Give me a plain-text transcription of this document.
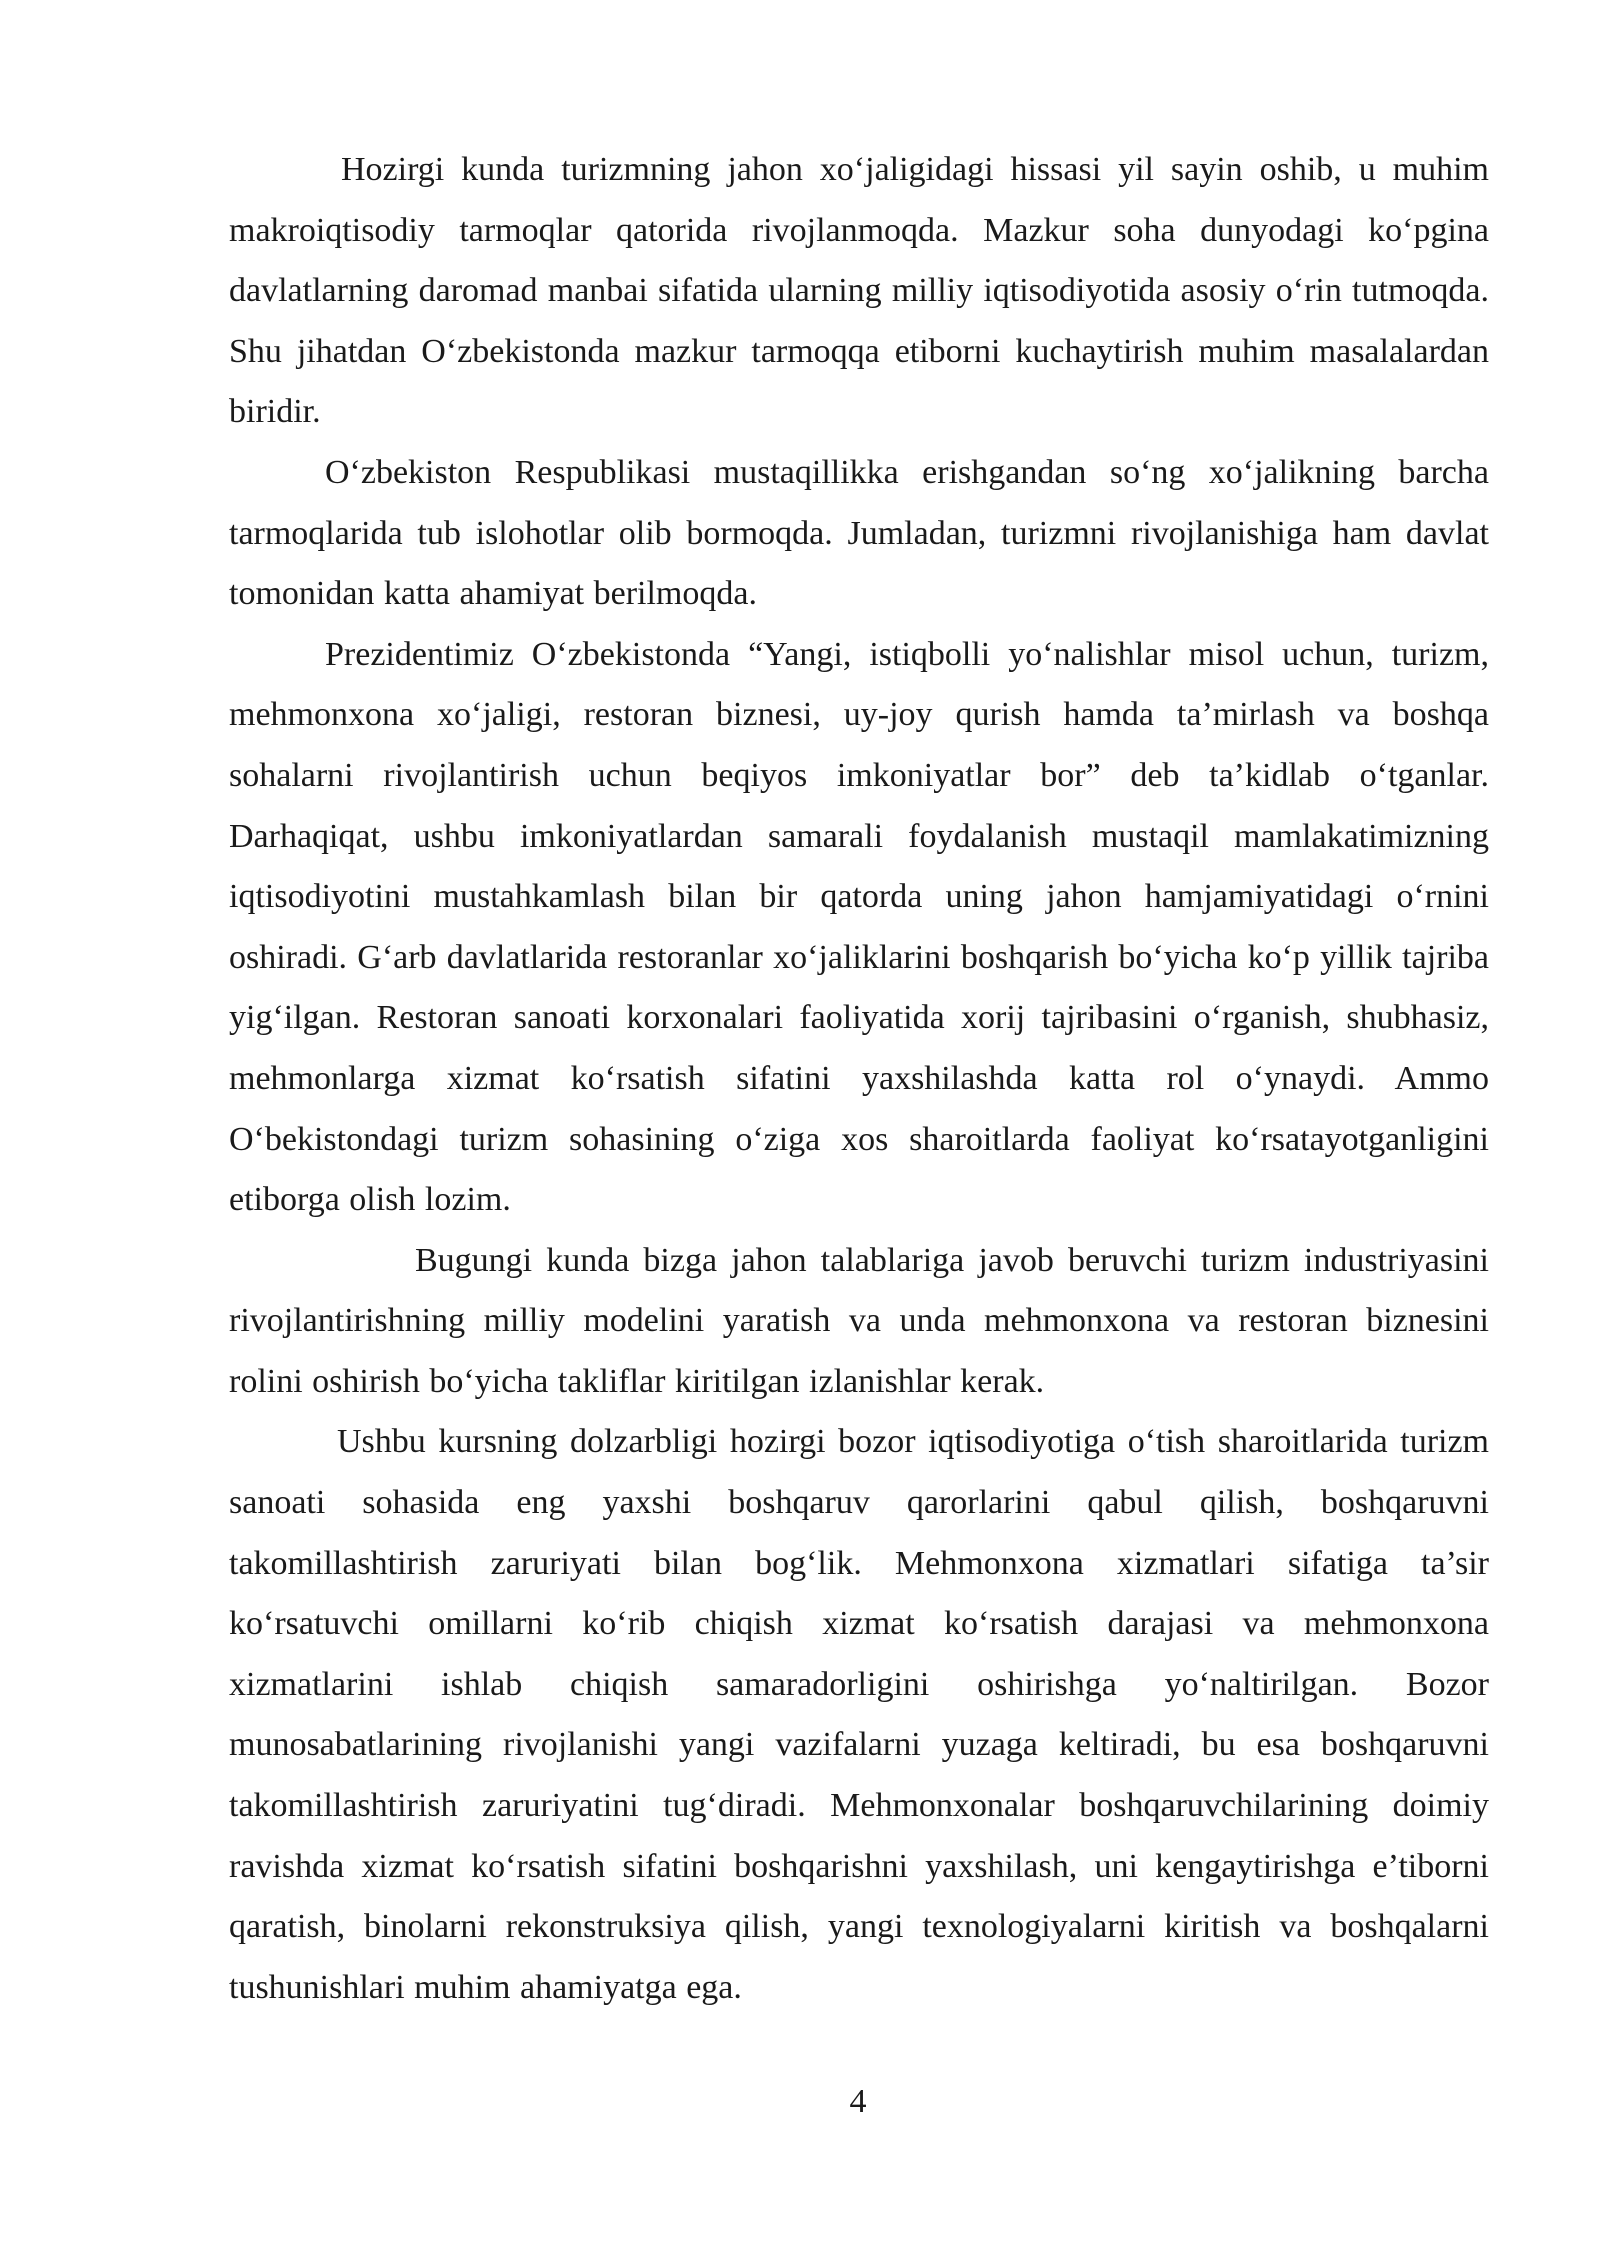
Hozirgi kunda turizmning jahon xo‘jaligidagi hissasi yil sayin oshib, u muhim makroiqtisodiy tarmoqlar qatorida rivojlanmoqda. Mazkur soha dunyodagi ko‘pgina davlatlarning daromad manbai sifatida ularning milliy iqtisodiyotida asosiy o‘rin tutmoqda. Shu jihatdan O‘zbekistonda mazkur tarmoqqa etiborni kuchaytirish muhim masalalardan biridir.

O‘zbekiston Respublikasi mustaqillikka erishgandan so‘ng xo‘jalikning barcha tarmoqlarida tub islohotlar olib bormoqda. Jumladan, turizmni rivojlanishiga ham davlat tomonidan katta ahamiyat berilmoqda.

Prezidentimiz O‘zbekistonda “Yangi, istiqbolli yo‘nalishlar misol uchun, turizm, mehmonxona xo‘jaligi, restoran biznesi, uy-joy qurish hamda ta’mirlash va boshqa sohalarni rivojlantirish uchun beqiyos imkoniyatlar bor” deb ta’kidlab o‘tganlar. Darhaqiqat, ushbu imkoniyatlardan samarali foydalanish mustaqil mamlakatimizning iqtisodiyotini mustahkamlash bilan bir qatorda uning jahon hamjamiyatidagi o‘rnini oshiradi. G‘arb davlatlarida restoranlar xo‘jaliklarini boshqarish bo‘yicha ko‘p yillik tajriba yig‘ilgan. Restoran sanoati korxonalari faoliyatida xorij tajribasini o‘rganish, shubhasiz, mehmonlarga xizmat ko‘rsatish sifatini yaxshilashda katta rol o‘ynaydi. Ammo O‘bekistondagi turizm sohasining o‘ziga xos sharoitlarda faoliyat ko‘rsatayotganligini etiborga olish lozim.

Bugungi kunda bizga jahon talablariga javob beruvchi turizm industriyasini rivojlantirishning milliy modelini yaratish va unda mehmonxona va restoran biznesini rolini oshirish bo‘yicha takliflar kiritilgan izlanishlar kerak.

Ushbu kursning dolzarbligi hozirgi bozor iqtisodiyotiga o‘tish sharoitlarida turizm sanoati sohasida eng yaxshi boshqaruv qarorlarini qabul qilish, boshqaruvni takomillashtirish zaruriyati bilan bog‘lik. Mehmonxona xizmatlari sifatiga ta’sir ko‘rsatuvchi omillarni ko‘rib chiqish xizmat ko‘rsatish darajasi va mehmonxona xizmatlarini ishlab chiqish samaradorligini oshirishga yo‘naltirilgan. Bozor munosabatlarining rivojlanishi yangi vazifalarni yuzaga keltiradi, bu esa boshqaruvni takomillashtirish zaruriyatini tug‘diradi. Mehmonxonalar boshqaruvchilarining doimiy ravishda xizmat ko‘rsatish sifatini boshqarishni yaxshilash, uni kengaytirishga e’tiborni qaratish, binolarni rekonstruksiya qilish, yangi texnologiyalarni kiritish va boshqalarni tushunishlari muhim ahamiyatga ega.

4
